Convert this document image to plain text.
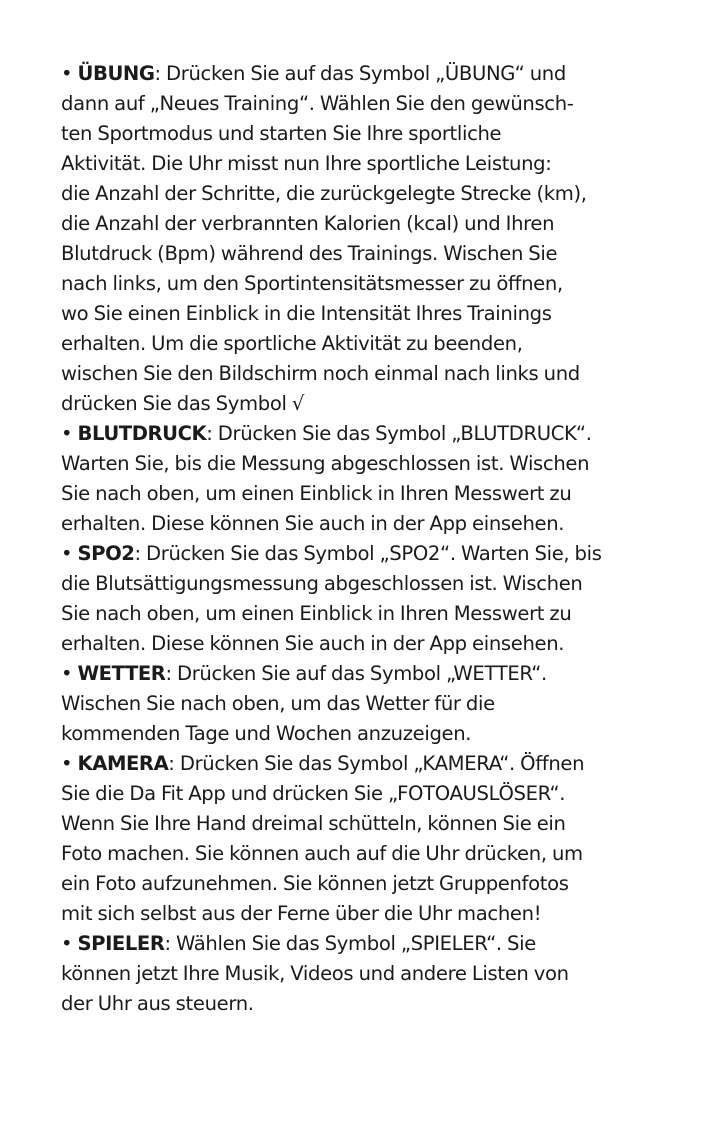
• ÜBUNG: Drücken Sie auf das Symbol „ÜBUNG“ und
dann auf „Neues Training“. Wählen Sie den gewünsch-
ten Sportmodus und starten Sie Ihre sportliche
Aktivität. Die Uhr misst nun Ihre sportliche Leistung:
die Anzahl der Schritte, die zurückgelegte Strecke (km),
die Anzahl der verbrannten Kalorien (kcal) und Ihren
Blutdruck (Bpm) während des Trainings. Wischen Sie
nach links, um den Sportintensitätsmesser zu öffnen,
wo Sie einen Einblick in die Intensität Ihres Trainings
erhalten. Um die sportliche Aktivität zu beenden,
wischen Sie den Bildschirm noch einmal nach links und
drücken Sie das Symbol √
• BLUTDRUCK: Drücken Sie das Symbol „BLUTDRUCK“.
Warten Sie, bis die Messung abgeschlossen ist. Wischen
Sie nach oben, um einen Einblick in Ihren Messwert zu
erhalten. Diese können Sie auch in der App einsehen.
• SPO2: Drücken Sie das Symbol „SPO2“. Warten Sie, bis
die Blutsättigungsmessung abgeschlossen ist. Wischen
Sie nach oben, um einen Einblick in Ihren Messwert zu
erhalten. Diese können Sie auch in der App einsehen.
• WETTER: Drücken Sie auf das Symbol „WETTER“.
Wischen Sie nach oben, um das Wetter für die
kommenden Tage und Wochen anzuzeigen.
• KAMERA: Drücken Sie das Symbol „KAMERA“. Öffnen
Sie die Da Fit App und drücken Sie „FOTOAUSLÖSER“.
Wenn Sie Ihre Hand dreimal schütteln, können Sie ein
Foto machen. Sie können auch auf die Uhr drücken, um
ein Foto aufzunehmen. Sie können jetzt Gruppenfotos
mit sich selbst aus der Ferne über die Uhr machen!
• SPIELER: Wählen Sie das Symbol „SPIELER“. Sie
können jetzt Ihre Musik, Videos und andere Listen von
der Uhr aus steuern.
